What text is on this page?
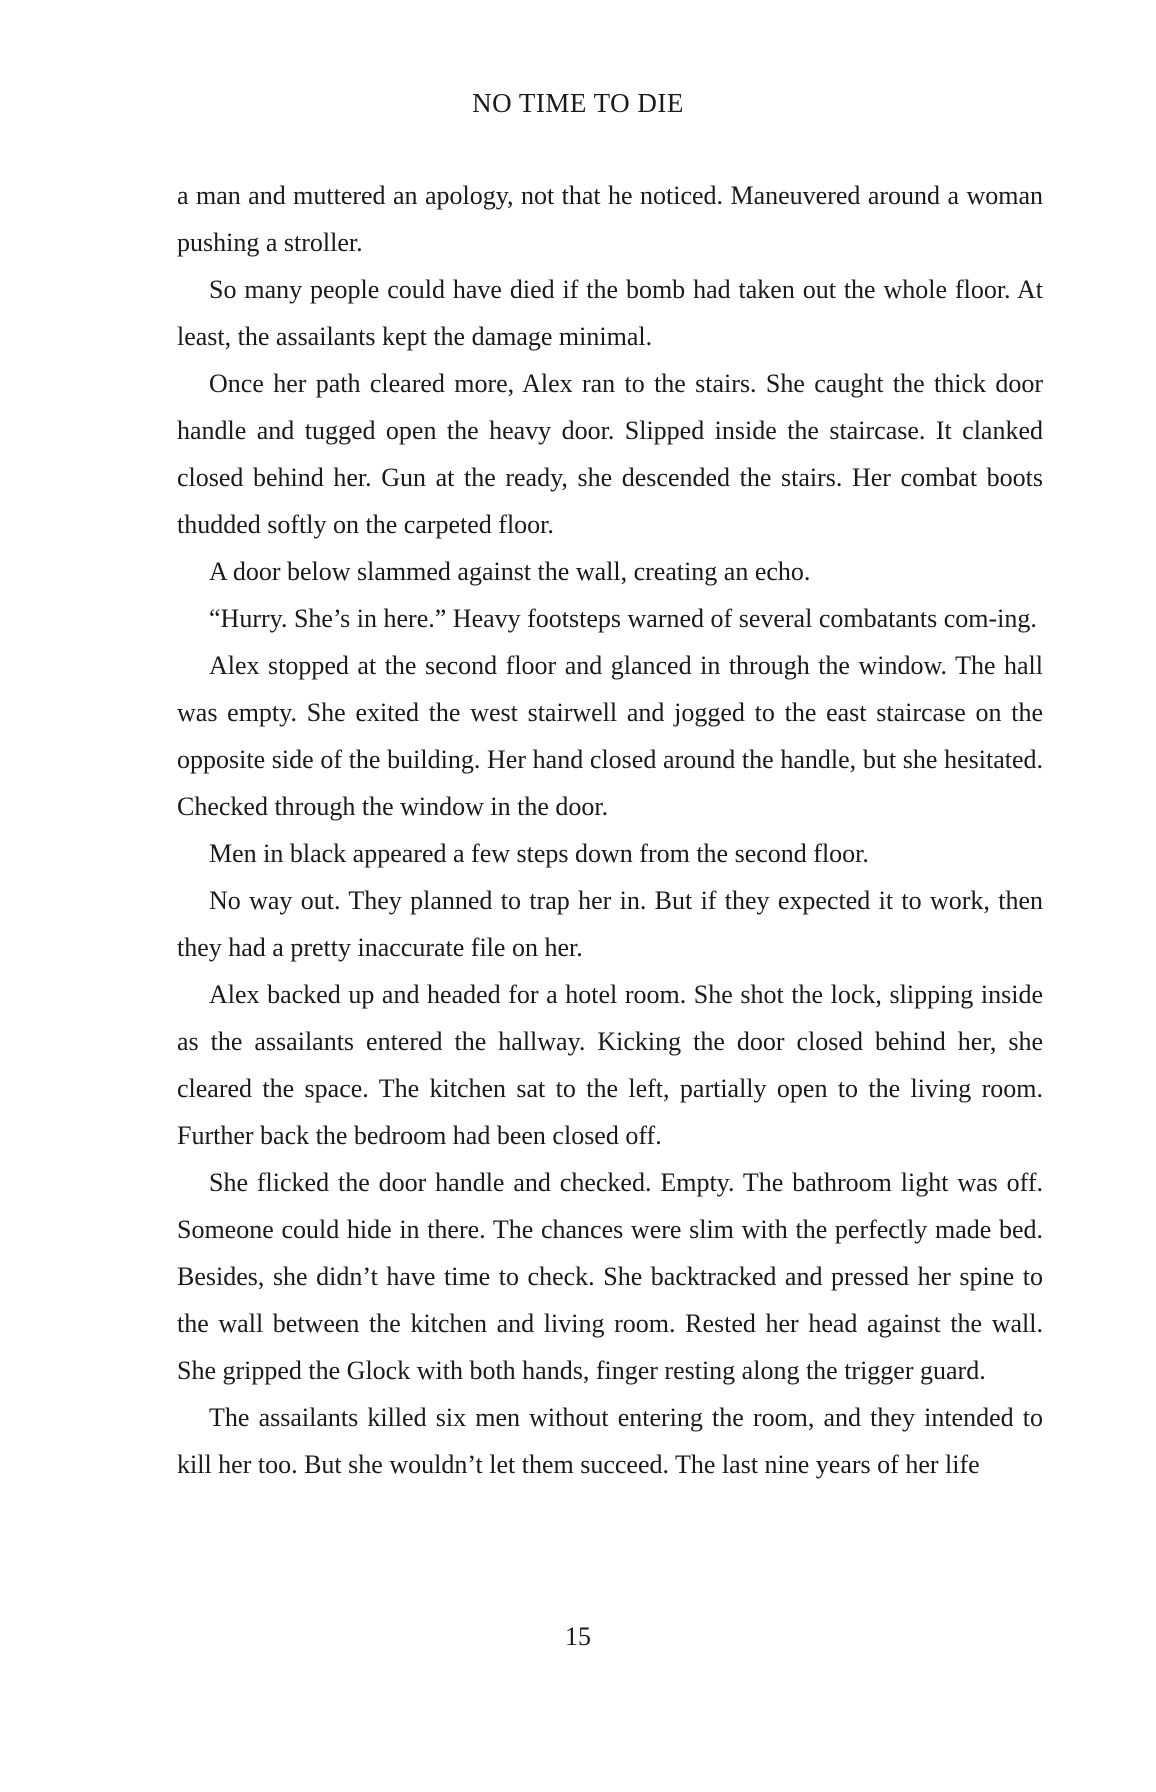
NO TIME TO DIE

a man and muttered an apology, not that he noticed. Maneuvered around a woman pushing a stroller.

So many people could have died if the bomb had taken out the whole floor. At least, the assailants kept the damage minimal.

Once her path cleared more, Alex ran to the stairs. She caught the thick door handle and tugged open the heavy door. Slipped inside the staircase. It clanked closed behind her. Gun at the ready, she descended the stairs. Her combat boots thudded softly on the carpeted floor.

A door below slammed against the wall, creating an echo.

“Hurry. She’s in here.” Heavy footsteps warned of several combatants com-ing.

Alex stopped at the second floor and glanced in through the window. The hall was empty. She exited the west stairwell and jogged to the east staircase on the opposite side of the building. Her hand closed around the handle, but she hesitated. Checked through the window in the door.

Men in black appeared a few steps down from the second floor.

No way out. They planned to trap her in. But if they expected it to work, then they had a pretty inaccurate file on her.

Alex backed up and headed for a hotel room. She shot the lock, slipping inside as the assailants entered the hallway. Kicking the door closed behind her, she cleared the space. The kitchen sat to the left, partially open to the living room. Further back the bedroom had been closed off.

She flicked the door handle and checked. Empty. The bathroom light was off. Someone could hide in there. The chances were slim with the perfectly made bed. Besides, she didn’t have time to check. She backtracked and pressed her spine to the wall between the kitchen and living room. Rested her head against the wall. She gripped the Glock with both hands, finger resting along the trigger guard.

The assailants killed six men without entering the room, and they intended to kill her too. But she wouldn’t let them succeed. The last nine years of her life

15
